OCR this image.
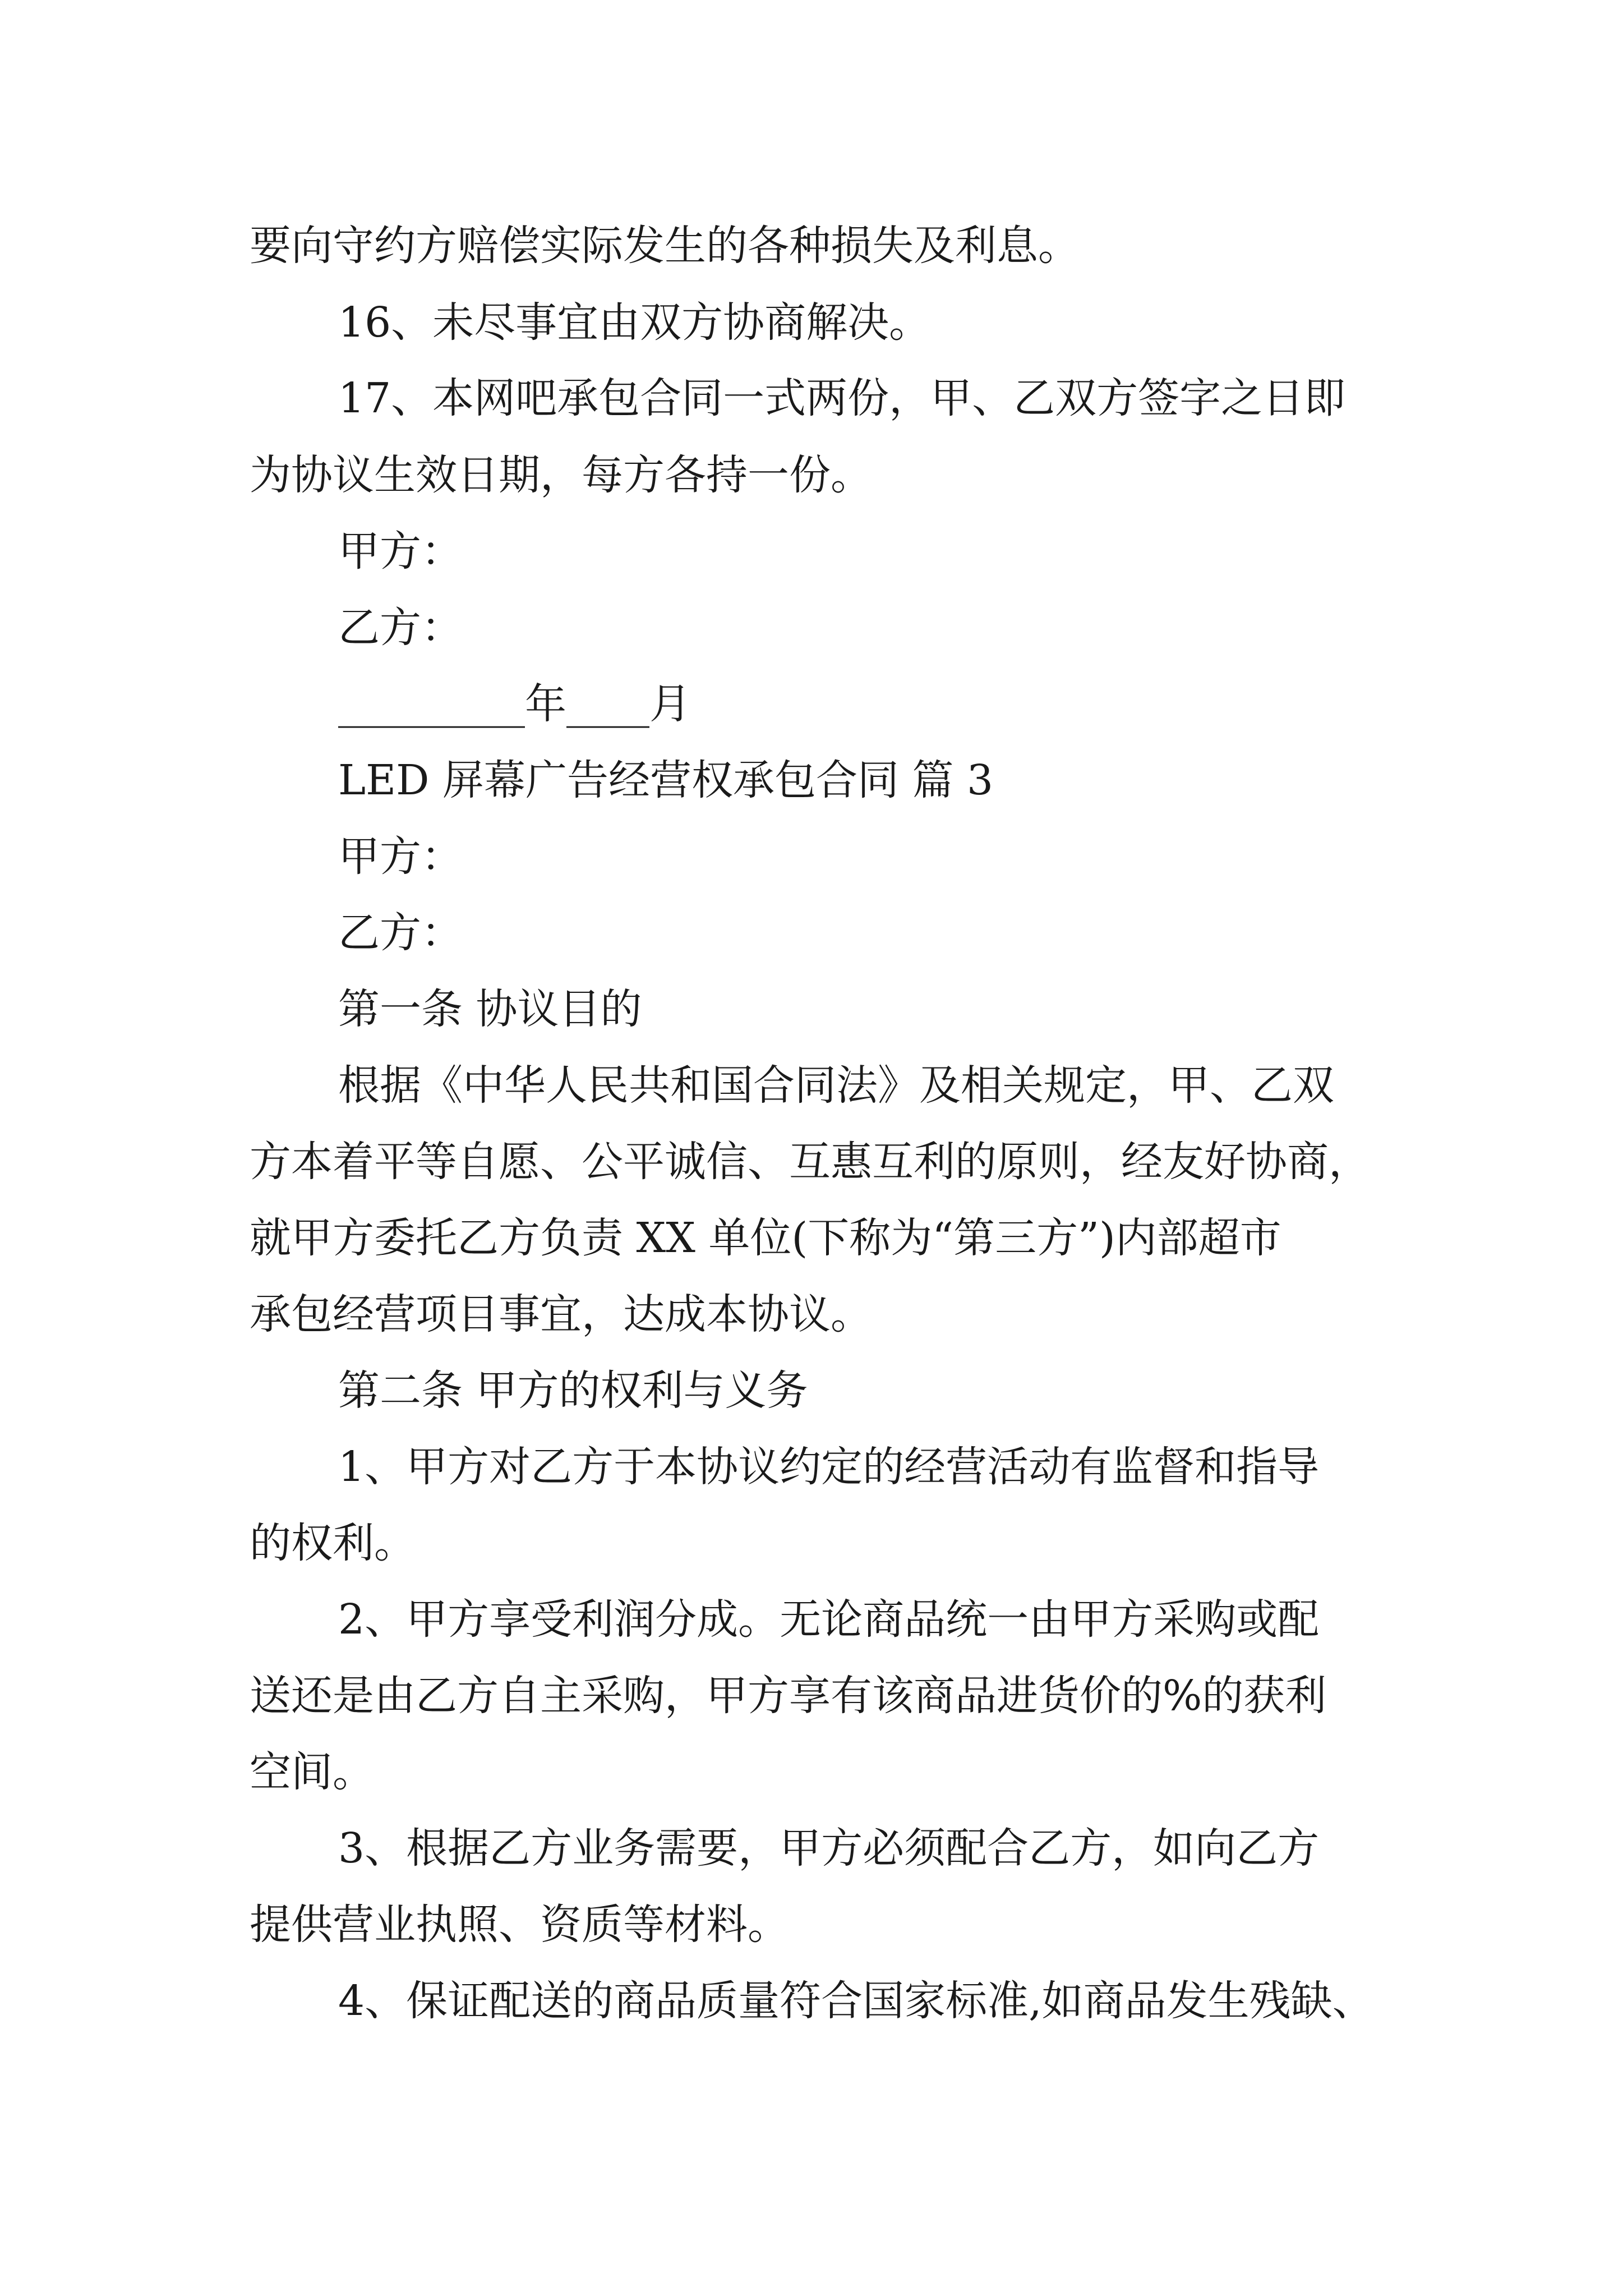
要向守约方赔偿实际发生的各种损失及利息。
16、未尽事宜由双方协商解决。
17、本网吧承包合同一式两份，甲、乙双方签字之日即
为协议生效日期，每方各持一份。
甲方：
乙方：
_________年____月
LED 屏幕广告经营权承包合同 篇 3
甲方：
乙方：
第一条 协议目的
根据《中华人民共和国合同法》及相关规定，甲、乙双
方本着平等自愿、公平诚信、互惠互利的原则，经友好协商，
就甲方委托乙方负责 XX 单位(下称为“第三方”)内部超市
承包经营项目事宜，达成本协议。
第二条 甲方的权利与义务
1、甲方对乙方于本协议约定的经营活动有监督和指导
的权利。
2、甲方享受利润分成。无论商品统一由甲方采购或配
送还是由乙方自主采购，甲方享有该商品进货价的%的获利
空间。
3、根据乙方业务需要，甲方必须配合乙方，如向乙方
提供营业执照、资质等材料。
4、保证配送的商品质量符合国家标准,如商品发生残缺、
